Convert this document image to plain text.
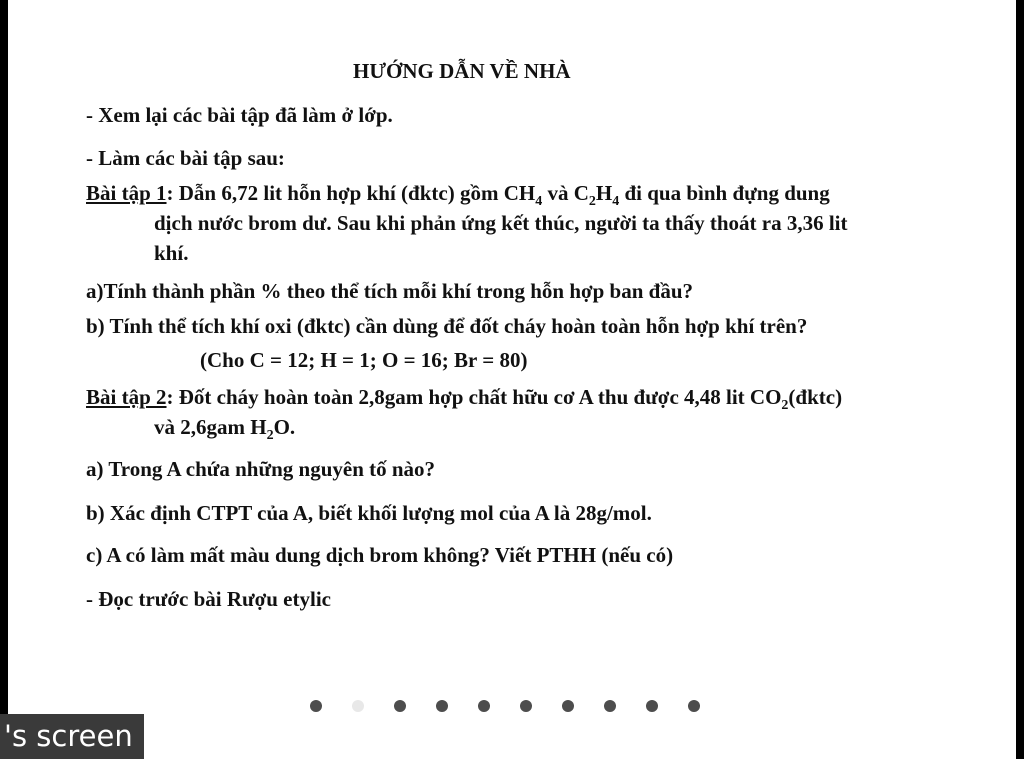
HƯỚNG DẪN VỀ NHÀ
- Xem lại các bài tập đã làm ở lớp.
- Làm các bài tập sau:
Bài tập 1: Dẫn 6,72 lit hỗn hợp khí (đktc) gồm $CH_4$ và $C_2H_4$ đi qua bình đựng dung
dịch nước brom dư. Sau khi phản ứng kết thúc, người ta thấy thoát ra 3,36 lit
khí.
a)Tính thành phần % theo thể tích mỗi khí trong hỗn hợp ban đầu?
b) Tính thể tích khí oxi (đktc) cần dùng để đốt cháy hoàn toàn hỗn hợp khí trên?
(Cho C = 12; H = 1; O = 16; Br = 80)
Bài tập 2: Đốt cháy hoàn toàn 2,8gam hợp chất hữu cơ A thu được 4,48 lit $CO_2(đktc)$
và 2,6gam $H_2O$.
a) Trong A chứa những nguyên tố nào?
b) Xác định CTPT của A, biết khối lượng mol của A là 28g/mol.
c) A có làm mất màu dung dịch brom không? Viết PTHH (nếu có)
- Đọc trước bài Rượu etylic
's screen
